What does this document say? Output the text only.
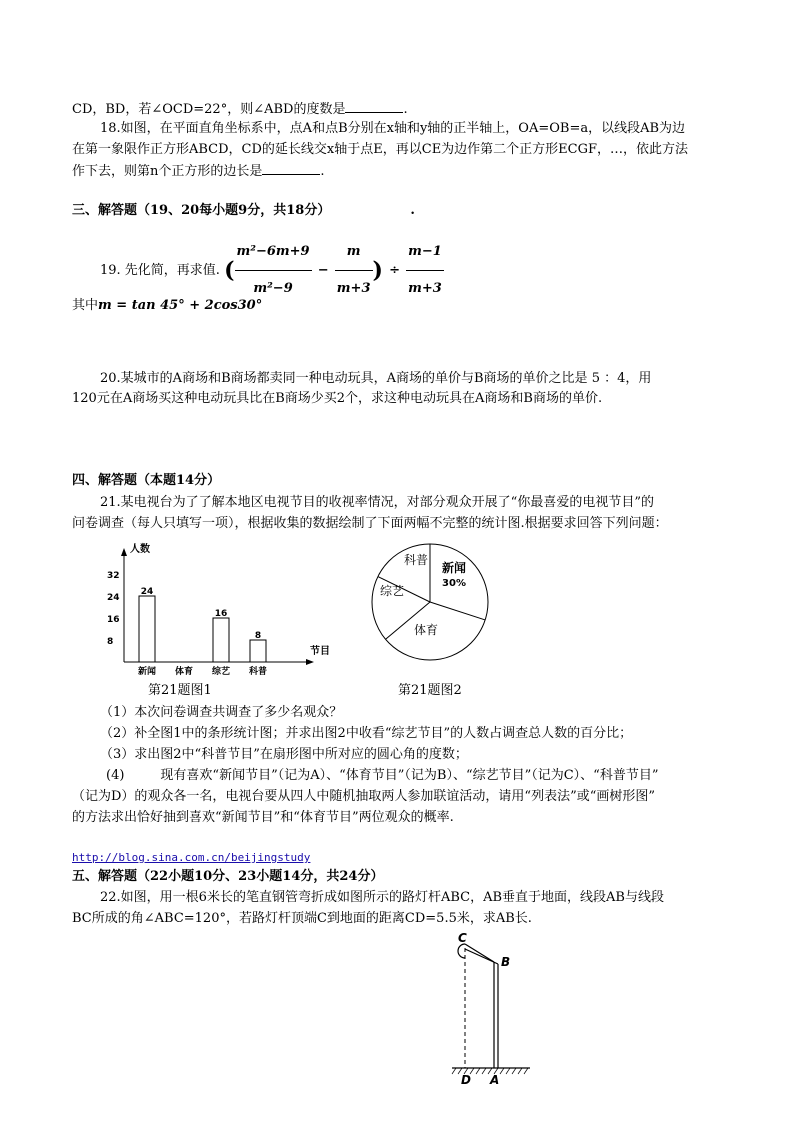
CD，BD，若∠OCD=22°，则∠ABD的度数是	.
18.如图，在平面直角坐标系中，点A和点B分别在x轴和y轴的正半轴上，OA=OB=a，以线段AB为边
在第一象限作正方形ABCD，CD的延长线交x轴于点E，再以CE为边作第二个正方形ECGF，…，依此方法
作下去，则第n个正方形的边长是	.
三、解答题（19、20每小题9分，共18分）	.
19. 先化简，再求值. ( $\frac{\text{m²−6m+9}}{\text{m²−9}} - \frac{m}{m+3}$ ) ÷ $\frac{m-1}{m+3}$
其中m = tan 45° + 2cos30°
20.某城市的A商场和B商场都卖同一种电动玩具，A商场的单价与B商场的单价之比是 5 ：4，用
120元在A商场买这种电动玩具比在B商场少买2个，求这种电动玩具在A商场和B商场的单价.
四、解答题（本题14分）
21.某电视台为了了解本地区电视节目的收视率情况，对部分观众开展了“你最喜爱的电视节目”的
问卷调查（每人只填写一项），根据收集的数据绘制了下面两幅不完整的统计图.根据要求回答下列问题：
人数
节目
8
16
24
32
24
新闻 体育
16
综艺
8
科普
新闻
综艺
科普
体育
30%
第21题图1	第21题图2
（1）本次问卷调查共调查了多少名观众？
（2）补全图1中的条形统计图；并求出图2中收看“综艺节目”的人数占调查总人数的百分比；
（3）求出图2中“科普节目”在扇形图中所对应的圆心角的度数；
(4)	现有喜欢“新闻节目”（记为A）、“体育节目”（记为B）、“综艺节目”（记为C）、“科普节目”
（记为D）的观众各一名，电视台要从四人中随机抽取两人参加联谊活动，请用“列表法”或“画树形图”
的方法求出恰好抽到喜欢“新闻节目”和“体育节目”两位观众的概率.
http://blog.sina.com.cn/beijingstudy
五、解答题（22小题10分、23小题14分，共24分）
22.如图，用一根6米长的笔直钢管弯折成如图所示的路灯杆ABC，AB垂直于地面，线段AB与线段
BC所成的角∠ABC=120°，若路灯杆顶端C到地面的距离CD=5.5米，求AB长.
C
B
D A
